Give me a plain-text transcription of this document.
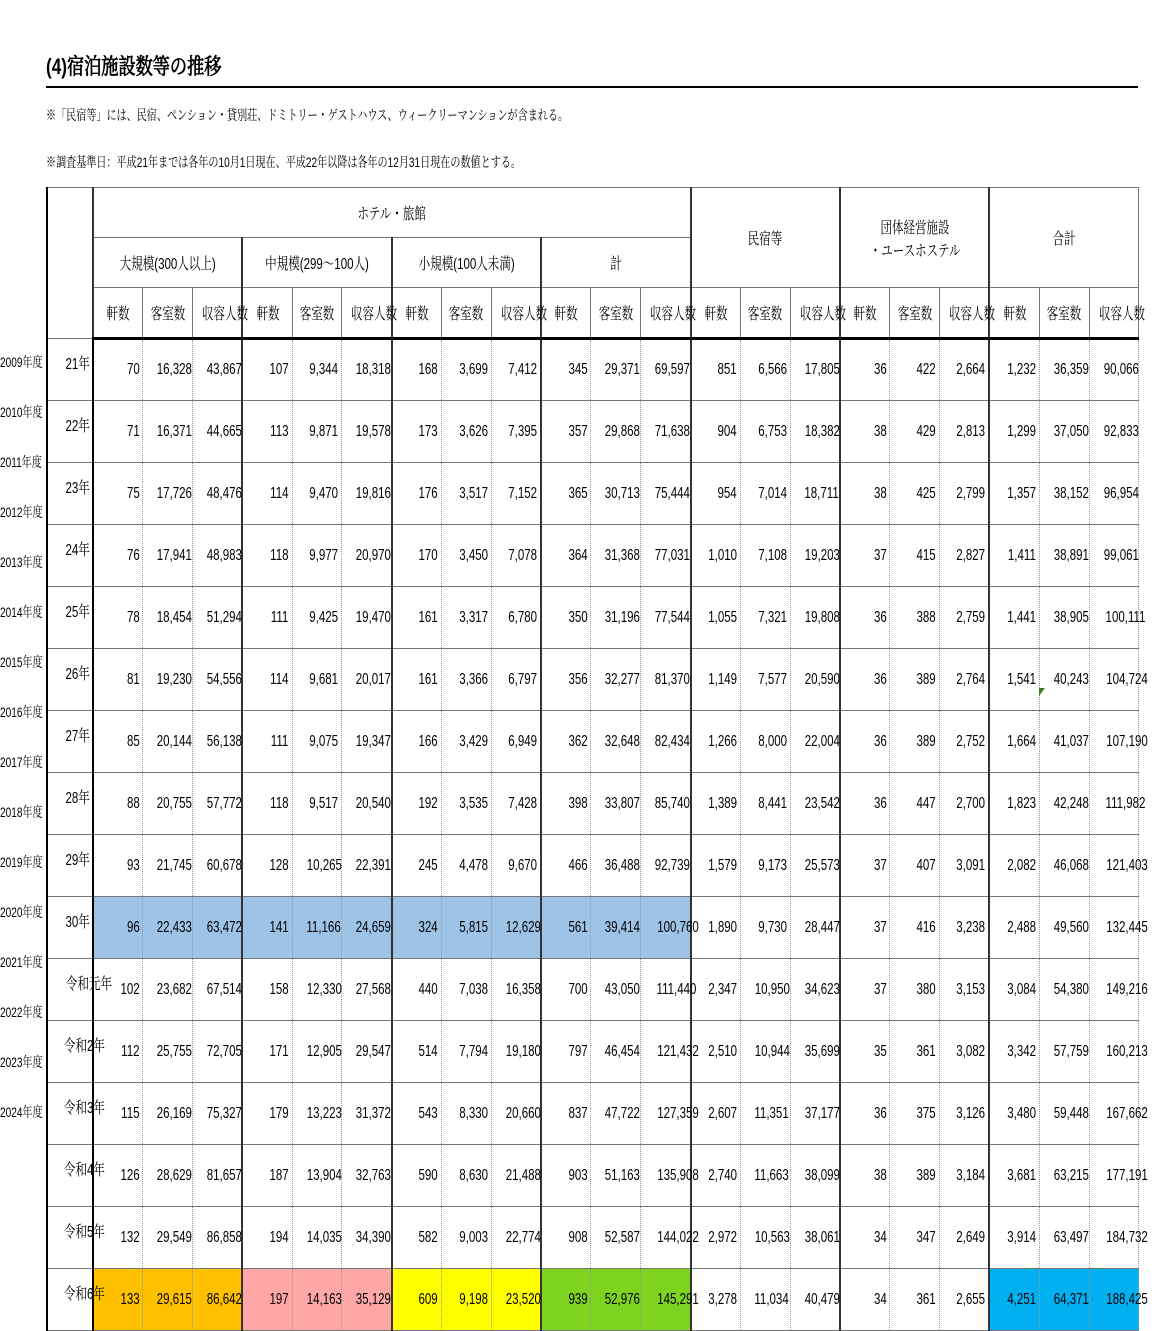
(4)宿泊施設数等の推移
※「民宿等」には、民宿、ペンション・貸別荘、ドミトリー・ゲストハウス、ウィークリーマンションが含まれる。
※調査基準日：平成21年までは各年の10月1日現在、平成22年以降は各年の12月31日現在の数値とする。
2009年度
2010年度
2011年度
2012年度
2013年度
2014年度
2015年度
2016年度
2017年度
2018年度
2019年度
2020年度
2021年度
2022年度
2023年度
2024年度
	ホテル・旅館												民宿等			団体経営施設
・ユースホステル			合計		
	大規模(300人以上)			中規模(299～100人)			小規模(100人未満)			計											
	軒数	客室数	収容人数	軒数	客室数	収容人数	軒数	客室数	収容人数	軒数	客室数	収容人数	軒数	客室数	収容人数	軒数	客室数	収容人数	軒数	客室数	収容人数
21年	70	16,328	43,867	107	9,344	18,318	168	3,699	7,412	345	29,371	69,597	851	6,566	17,805	36	422	2,664	1,232	36,359	90,066
22年	71	16,371	44,665	113	9,871	19,578	173	3,626	7,395	357	29,868	71,638	904	6,753	18,382	38	429	2,813	1,299	37,050	92,833
23年	75	17,726	48,476	114	9,470	19,816	176	3,517	7,152	365	30,713	75,444	954	7,014	18,711	38	425	2,799	1,357	38,152	96,954
24年	76	17,941	48,983	118	9,977	20,970	170	3,450	7,078	364	31,368	77,031	1,010	7,108	19,203	37	415	2,827	1,411	38,891	99,061
25年	78	18,454	51,294	111	9,425	19,470	161	3,317	6,780	350	31,196	77,544	1,055	7,321	19,808	36	388	2,759	1,441	38,905	100,111
26年	81	19,230	54,556	114	9,681	20,017	161	3,366	6,797	356	32,277	81,370	1,149	7,577	20,590	36	389	2,764	1,541	40,243	104,724
27年	85	20,144	56,138	111	9,075	19,347	166	3,429	6,949	362	32,648	82,434	1,266	8,000	22,004	36	389	2,752	1,664	41,037	107,190
28年	88	20,755	57,772	118	9,517	20,540	192	3,535	7,428	398	33,807	85,740	1,389	8,441	23,542	36	447	2,700	1,823	42,248	111,982
29年	93	21,745	60,678	128	10,265	22,391	245	4,478	9,670	466	36,488	92,739	1,579	9,173	25,573	37	407	3,091	2,082	46,068	121,403
30年	96	22,433	63,472	141	11,166	24,659	324	5,815	12,629	561	39,414	100,760	1,890	9,730	28,447	37	416	3,238	2,488	49,560	132,445
令和元年	102	23,682	67,514	158	12,330	27,568	440	7,038	16,358	700	43,050	111,440	2,347	10,950	34,623	37	380	3,153	3,084	54,380	149,216
令和2年	112	25,755	72,705	171	12,905	29,547	514	7,794	19,180	797	46,454	121,432	2,510	10,944	35,699	35	361	3,082	3,342	57,759	160,213
令和3年	115	26,169	75,327	179	13,223	31,372	543	8,330	20,660	837	47,722	127,359	2,607	11,351	37,177	36	375	3,126	3,480	59,448	167,662
令和4年	126	28,629	81,657	187	13,904	32,763	590	8,630	21,488	903	51,163	135,908	2,740	11,663	38,099	38	389	3,184	3,681	63,215	177,191
令和5年	132	29,549	86,858	194	14,035	34,390	582	9,003	22,774	908	52,587	144,022	2,972	10,563	38,061	34	347	2,649	3,914	63,497	184,732
令和6年	133	29,615	86,642	197	14,163	35,129	609	9,198	23,520	939	52,976	145,291	3,278	11,034	40,479	34	361	2,655	4,251	64,371	188,425
